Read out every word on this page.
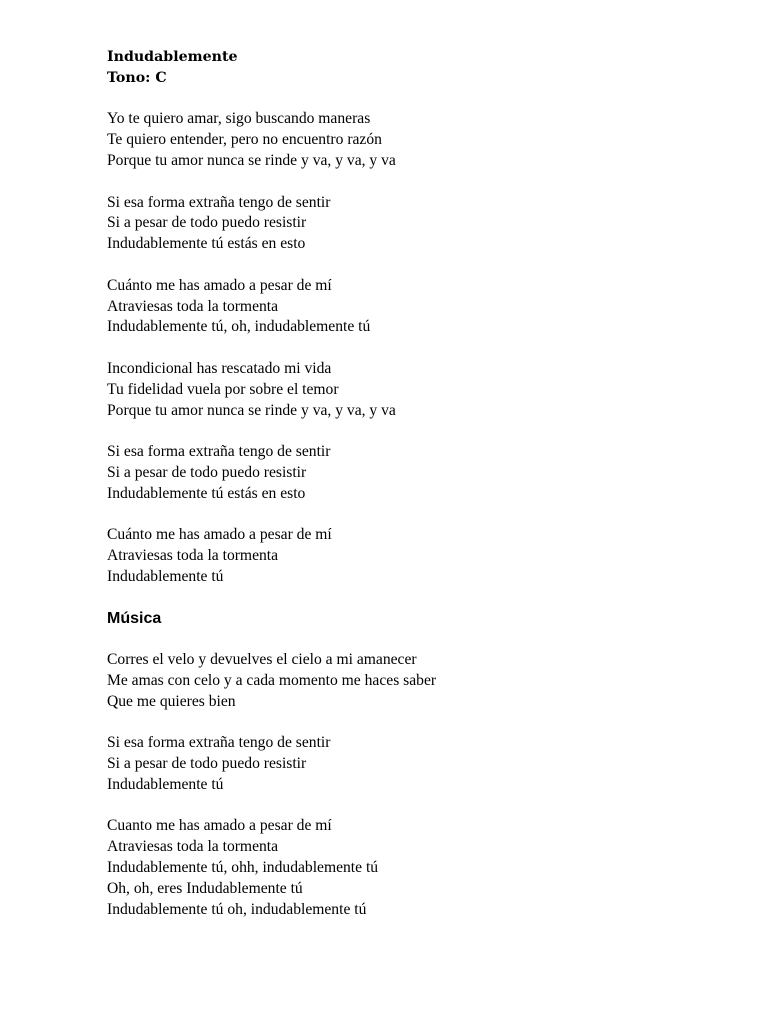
Indudablemente
Tono: C
Yo te quiero amar, sigo buscando maneras
Te quiero entender, pero no encuentro razón
Porque tu amor nunca se rinde y va, y va, y va
Si esa forma extraña tengo de sentir
Si a pesar de todo puedo resistir
Indudablemente tú estás en esto
Cuánto me has amado a pesar de mí
Atraviesas toda la tormenta
Indudablemente tú, oh, indudablemente tú
Incondicional has rescatado mi vida
Tu fidelidad vuela por sobre el temor
Porque tu amor nunca se rinde y va, y va, y va
Si esa forma extraña tengo de sentir
Si a pesar de todo puedo resistir
Indudablemente tú estás en esto
Cuánto me has amado a pesar de mí
Atraviesas toda la tormenta
Indudablemente tú
Música
Corres el velo y devuelves el cielo a mi amanecer
Me amas con celo y a cada momento me haces saber
Que me quieres bien
Si esa forma extraña tengo de sentir
Si a pesar de todo puedo resistir
Indudablemente tú
Cuanto me has amado a pesar de mí
Atraviesas toda la tormenta
Indudablemente tú, ohh, indudablemente tú
Oh, oh, eres Indudablemente tú
Indudablemente tú oh, indudablemente tú
